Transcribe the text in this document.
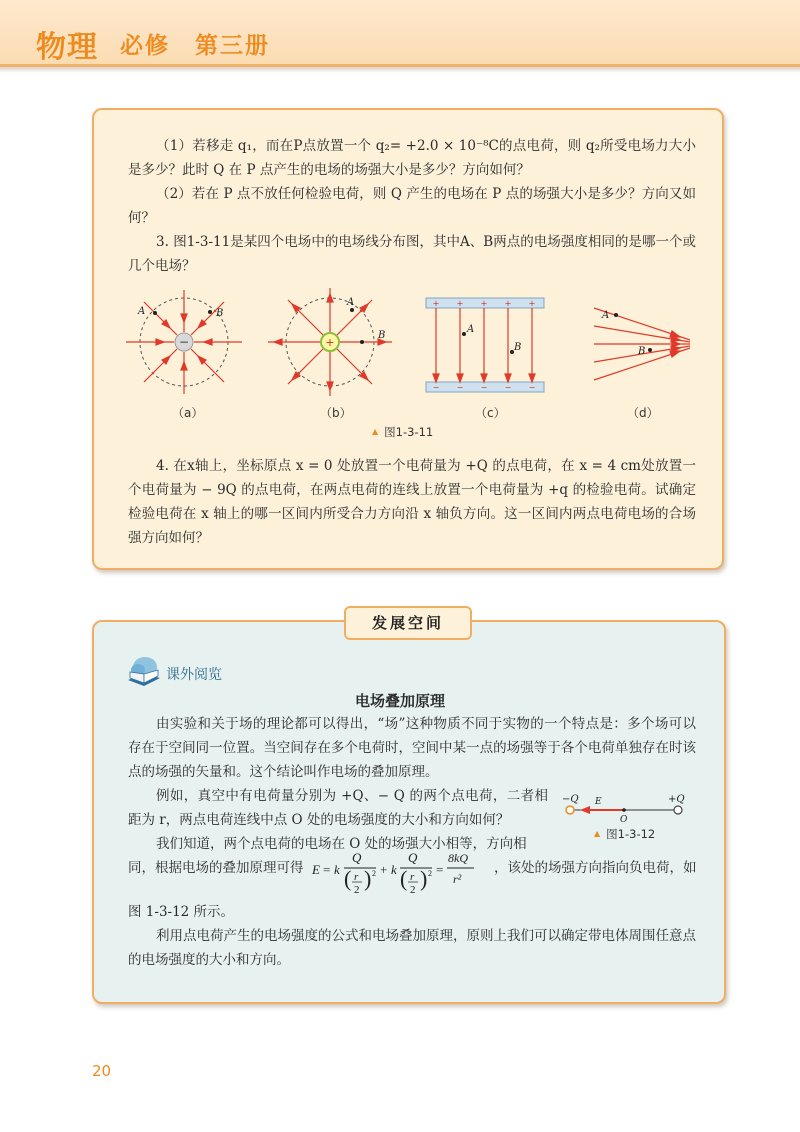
物理 必修　第三册

（1）若移走 q₁，而在P点放置一个 q₂= +2.0 × 10⁻⁸C的点电荷，则 q₂所受电场力大小是多少？此时 Q 在 P 点产生的电场的场强大小是多少？方向如何？

（2）若在 P 点不放任何检验电荷，则 Q 产生的电场在 P 点的场强大小是多少？方向又如何？

3. 图1-3-11是某四个电场中的电场线分布图，其中A、B两点的电场强度相同的是哪一个或几个电场？

−
A	B
+
A
B
+ + + + +
− − − − −
A
B
A
B
（a）	（b）	（c）	（d）
▲ 图1-3-11

4. 在x轴上，坐标原点 x = 0 处放置一个电荷量为 +Q 的点电荷，在 x = 4 cm处放置一个电荷量为 − 9Q 的点电荷，在两点电荷的连线上放置一个电荷量为 +q 的检验电荷。试确定检验电荷在 x 轴上的哪一区间内所受合力方向沿 x 轴负方向。这一区间内两点电荷电场的合场强方向如何？

发展空间
课外阅览
电场叠加原理

由实验和关于场的理论都可以得出，“场”这种物质不同于实物的一个特点是：多个场可以存在于空间同一位置。当空间存在多个电荷时，空间中某一点的场强等于各个电荷单独存在时该点的场强的矢量和。这个结论叫作电场的叠加原理。

例如，真空中有电荷量分别为 +Q、− Q 的两个点电荷，二者相距为 r，两点电荷连线中点 O 处的电场强度的大小和方向如何？

我们知道，两个点电荷的电场在 O 处的场强大小相等，方向相

−Q	+Q
E
O
▲ 图1-3-12
同，根据电场的叠加原理可得 E = k
Q
( r
2 ) 2 + k
Q
( r
2 ) 2 =
8kQ
r²
，该处的场强方向指向负电荷，如

图 1-3-12 所示。

利用点电荷产生的电场强度的公式和电场叠加原理，原则上我们可以确定带电体周围任意点的电场强度的大小和方向。

20
